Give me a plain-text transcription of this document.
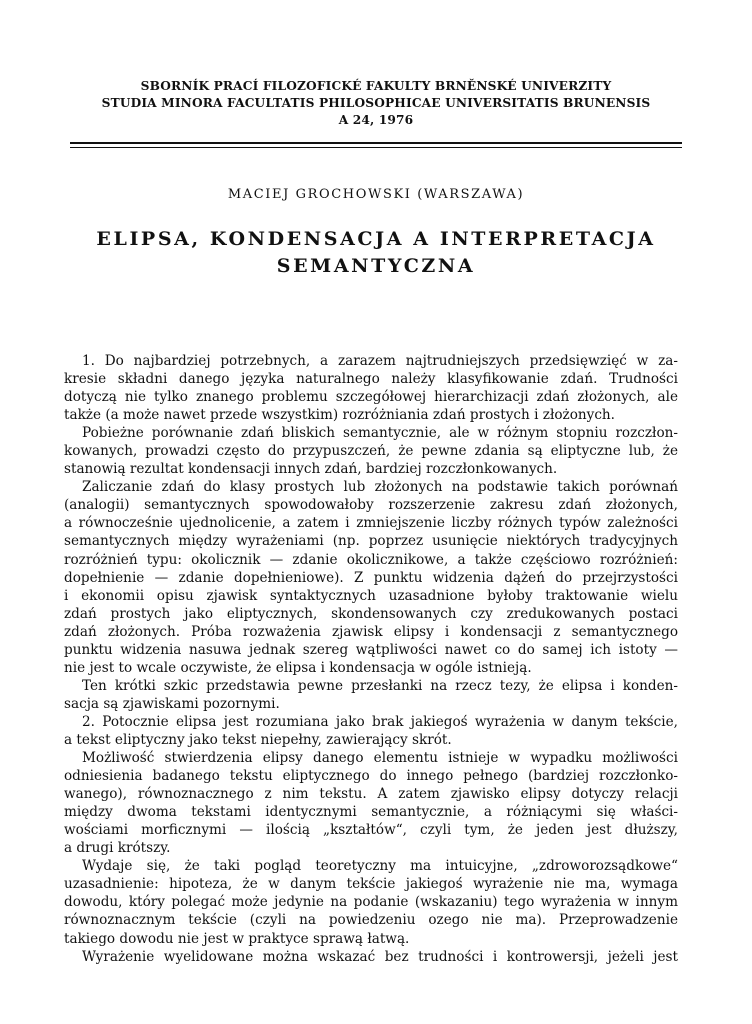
SBORNÍK PRACÍ FILOZOFICKÉ FAKULTY BRNĚNSKÉ UNIVERZITY
STUDIA MINORA FACULTATIS PHILOSOPHICAE UNIVERSITATIS BRUNENSIS
A 24, 1976
MACIEJ GROCHOWSKI (WARSZAWA)
ELIPSA, KONDENSACJA A INTERPRETACJA
SEMANTYCZNA

1. Do najbardziej potrzebnych, a zarazem najtrudniejszych przedsięwzięć w za-

kresie składni danego języka naturalnego należy klasyfikowanie zdań. Trudności

dotyczą nie tylko znanego problemu szczegółowej hierarchizacji zdań złożonych, ale

także (a może nawet przede wszystkim) rozróżniania zdań prostych i złożonych.

Pobieżne porównanie zdań bliskich semantycznie, ale w różnym stopniu rozczłon-

kowanych, prowadzi często do przypuszczeń, że pewne zdania są eliptyczne lub, że

stanowią rezultat kondensacji innych zdań, bardziej rozczłonkowanych.

Zaliczanie zdań do klasy prostych lub złożonych na podstawie takich porównań

(analogii) semantycznych spowodowałoby rozszerzenie zakresu zdań złożonych,

a równocześnie ujednolicenie, a zatem i zmniejszenie liczby różnych typów zależności

semantycznych między wyrażeniami (np. poprzez usunięcie niektórych tradycyjnych

rozróżnień typu: okolicznik — zdanie okolicznikowe, a także częściowo rozróżnień:

dopełnienie — zdanie dopełnieniowe). Z punktu widzenia dążeń do przejrzystości

i ekonomii opisu zjawisk syntaktycznych uzasadnione byłoby traktowanie wielu

zdań prostych jako eliptycznych, skondensowanych czy zredukowanych postaci

zdań złożonych. Próba rozważenia zjawisk elipsy i kondensacji z semantycznego

punktu widzenia nasuwa jednak szereg wątpliwości nawet co do samej ich istoty —

nie jest to wcale oczywiste, że elipsa i kondensacja w ogóle istnieją.

Ten krótki szkic przedstawia pewne przesłanki na rzecz tezy, że elipsa i konden-

sacja są zjawiskami pozornymi.

2. Potocznie elipsa jest rozumiana jako brak jakiegoś wyrażenia w danym tekście,

a tekst eliptyczny jako tekst niepełny, zawierający skrót.

Możliwość stwierdzenia elipsy danego elementu istnieje w wypadku możliwości

odniesienia badanego tekstu eliptycznego do innego pełnego (bardziej rozczłonko-

wanego), równoznacznego z nim tekstu. A zatem zjawisko elipsy dotyczy relacji

między dwoma tekstami identycznymi semantycznie, a różniącymi się właści-

wościami morficznymi — ilością „kształtów“, czyli tym, że jeden jest dłuższy,

a drugi krótszy.

Wydaje się, że taki pogląd teoretyczny ma intuicyjne, „zdroworozsądkowe“

uzasadnienie: hipoteza, że w danym tekście jakiegoś wyrażenie nie ma, wymaga

dowodu, który polegać może jedynie na podanie (wskazaniu) tego wyrażenia w innym

równoznacznym tekście (czyli na powiedzeniu ozego nie ma). Przeprowadzenie

takiego dowodu nie jest w praktyce sprawą łatwą.

Wyrażenie wyelidowane można wskazać bez trudności i kontrowersji, jeżeli jest
